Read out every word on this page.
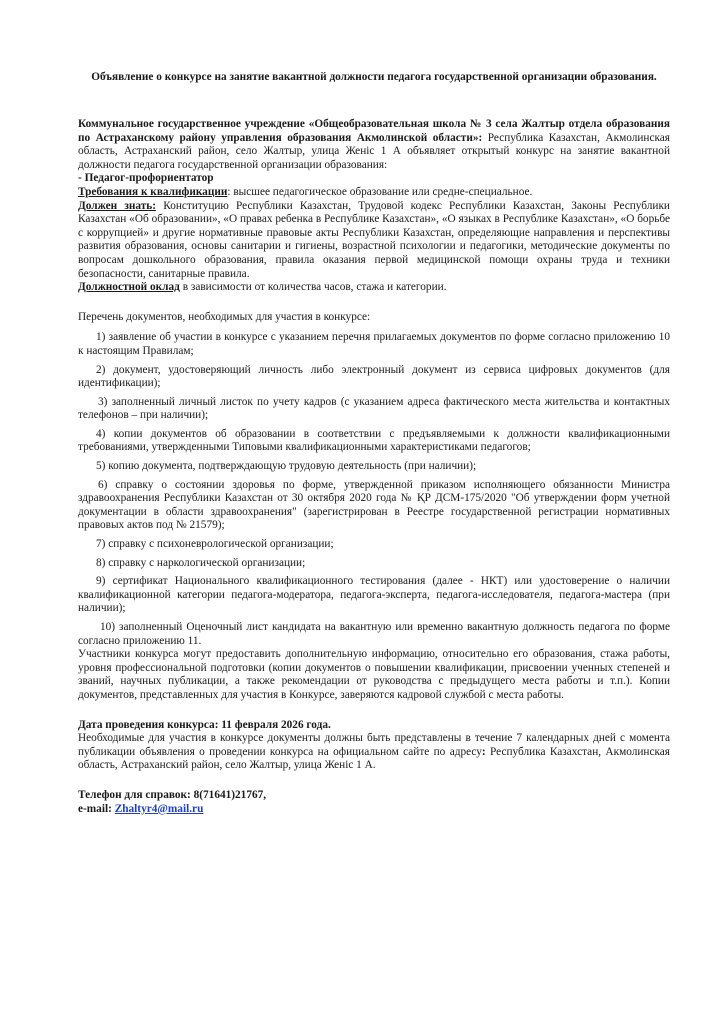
Объявление о конкурсе на занятие вакантной должности педагога государственной организации образования.

Коммунальное государственное учреждение «Общеобразовательная школа № 3 села Жалтыр отдела образования по Астраханскому району управления образования Акмолинской области»: Республика Казахстан, Акмолинская область, Астраханский район, село Жалтыр, улица Женіс 1 А объявляет открытый конкурс на занятие вакантной должности педагога государственной организации образования:

- Педагог-профориентатор

Требования к квалификации: высшее педагогическое образование или средне-специальное.

Должен знать: Конституцию Республики Казахстан, Трудовой кодекс Республики Казахстан, Законы Республики Казахстан «Об образовании», «О правах ребенка в Республике Казахстан», «О языках в Республике Казахстан», «О борьбе с коррупцией» и другие нормативные правовые акты Республики Казахстан, определяющие направления и перспективы развития образования, основы санитарии и гигиены, возрастной психологии и педагогики, методические документы по вопросам дошкольного образования, правила оказания первой медицинской помощи охраны труда и техники безопасности, санитарные правила.

Должностной оклад в зависимости от количества часов, стажа и категории.

Перечень документов, необходимых для участия в конкурсе:

1) заявление об участии в конкурсе с указанием перечня прилагаемых документов по форме согласно приложению 10 к настоящим Правилам;

2) документ, удостоверяющий личность либо электронный документ из сервиса цифровых документов (для идентификации);

3) заполненный личный листок по учету кадров (с указанием адреса фактического места жительства и контактных телефонов – при наличии);

4) копии документов об образовании в соответствии с предъявляемыми к должности квалификационными требованиями, утвержденными Типовыми квалификационными характеристиками педагогов;

5) копию документа, подтверждающую трудовую деятельность (при наличии);

6) справку о состоянии здоровья по форме, утвержденной приказом исполняющего обязанности Министра здравоохранения Республики Казахстан от 30 октября 2020 года № ҚР ДСМ-175/2020 "Об утверждении форм учетной документации в области здравоохранения" (зарегистрирован в Реестре государственной регистрации нормативных правовых актов под № 21579);

7) справку с психоневрологической организации;

8) справку с наркологической организации;

9) сертификат Национального квалификационного тестирования (далее - НКТ) или удостоверение о наличии квалификационной категории педагога-модератора, педагога-эксперта, педагога-исследователя, педагога-мастера (при наличии);

10) заполненный Оценочный лист кандидата на вакантную или временно вакантную должность педагога по форме согласно приложению 11.

Участники конкурса могут предоставить дополнительную информацию, относительно его образования, стажа работы, уровня профессиональной подготовки (копии документов о повышении квалификации, присвоении ученных степеней и званий, научных публикации, а также рекомендации от руководства с предыдущего места работы и т.п.). Копии документов, представленных для участия в Конкурсе, заверяются кадровой службой с места работы.

Дата проведения конкурса: 11 февраля 2026 года.

Необходимые для участия в конкурсе документы должны быть представлены в течение 7 календарных дней с момента публикации объявления о проведении конкурса на официальном сайте по адресу: Республика Казахстан, Акмолинская область, Астраханский район, село Жалтыр, улица Женіс 1 А.

Телефон для справок: 8(71641)21767,

e-mail: Zhaltyr4@mail.ru
